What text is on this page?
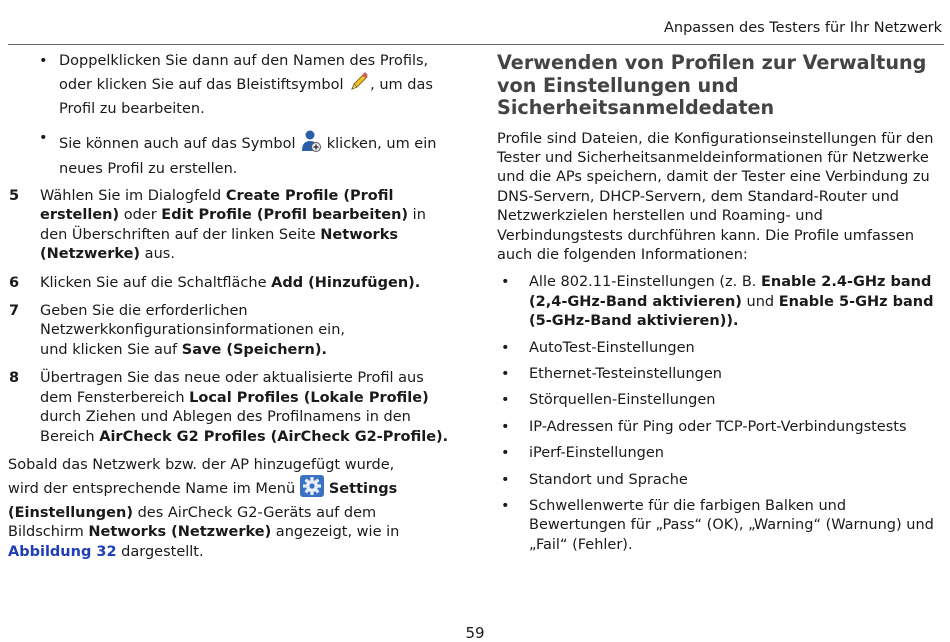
Anpassen des Testers für Ihr Netzwerk

• Doppelklicken Sie dann auf den Namen des Profils, oder klicken Sie auf das Bleistiftsymbol , um das Profil zu bearbeiten.

• Sie können auch auf das Symbol  klicken, um ein neues Profil zu erstellen.

5 Wählen Sie im Dialogfeld Create Profile (Profil erstellen) oder Edit Profile (Profil bearbeiten) in den Überschriften auf der linken Seite Networks (Netzwerke) aus.

6 Klicken Sie auf die Schaltfläche Add (Hinzufügen).

7 Geben Sie die erforderlichen Netzwerkkonfigurationsinformationen ein,
und klicken Sie auf Save (Speichern).

8 Übertragen Sie das neue oder aktualisierte Profil aus dem Fensterbereich Local Profiles (Lokale Profile) durch Ziehen und Ablegen des Profilnamens in den Bereich AirCheck G2 Profiles (AirCheck G2-Profile).

Sobald das Netzwerk bzw. der AP hinzugefügt wurde,
wird der entsprechende Name im Menü  Settings (Einstellungen) des AirCheck G2-Geräts auf dem Bildschirm Networks (Netzwerke) angezeigt, wie in Abbildung 32 dargestellt.

Verwenden von Profilen zur Verwaltung von Einstellungen und Sicherheitsanmeldedaten

Profile sind Dateien, die Konfigurationseinstellungen für den Tester und Sicherheitsanmeldeinformationen für Netzwerke und die APs speichern, damit der Tester eine Verbindung zu DNS-Servern, DHCP-Servern, dem Standard-Router und Netzwerkzielen herstellen und Roaming- und Verbindungstests durchführen kann. Die Profile umfassen auch die folgenden Informationen:

• Alle 802.11-Einstellungen (z. B. Enable 2.4-GHz band (2,4-GHz-Band aktivieren) und Enable 5-GHz band (5-GHz-Band aktivieren)).

• AutoTest-Einstellungen

• Ethernet-Testeinstellungen

• Störquellen-Einstellungen

• IP-Adressen für Ping oder TCP-Port-Verbindungstests

• iPerf-Einstellungen

• Standort und Sprache

• Schwellenwerte für die farbigen Balken und Bewertungen für „Pass“ (OK), „Warning“ (Warnung) und „Fail“ (Fehler).

59
